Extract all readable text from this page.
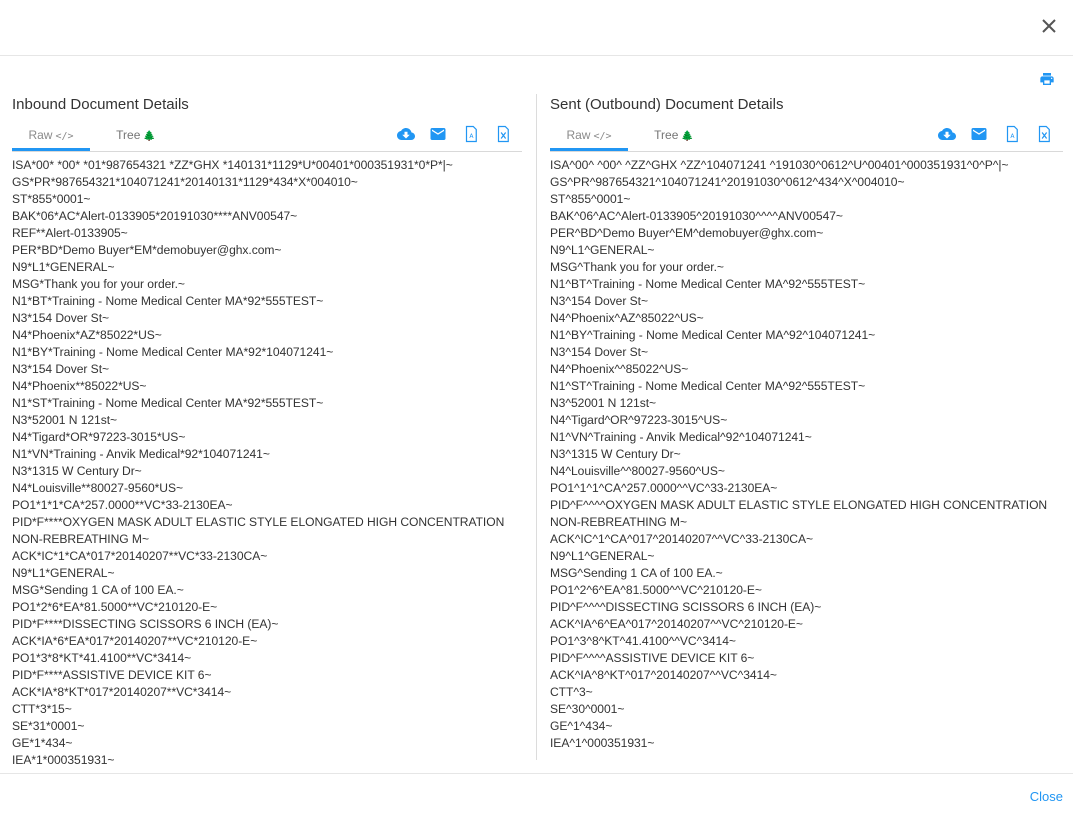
Inbound Document Details
Raw </>	Tree 🌲
	A

ISA*00* *00* *01*987654321 *ZZ*GHX *140131*1129*U*00401*000351931*0*P*|~
GS*PR*987654321*104071241*20140131*1129*434*X*004010~
ST*855*0001~
BAK*06*AC*Alert-0133905*20191030****ANV00547~
REF**Alert-0133905~
PER*BD*Demo Buyer*EM*demobuyer@ghx.com~
N9*L1*GENERAL~
MSG*Thank you for your order.~
N1*BT*Training - Nome Medical Center MA*92*555TEST~
N3*154 Dover St~
N4*Phoenix*AZ*85022*US~
N1*BY*Training - Nome Medical Center MA*92*104071241~
N3*154 Dover St~
N4*Phoenix**85022*US~
N1*ST*Training - Nome Medical Center MA*92*555TEST~
N3*52001 N 121st~
N4*Tigard*OR*97223-3015*US~
N1*VN*Training - Anvik Medical*92*104071241~
N3*1315 W Century Dr~
N4*Louisville**80027-9560*US~
PO1*1*1*CA*257.0000**VC*33-2130EA~
PID*F****OXYGEN MASK ADULT ELASTIC STYLE ELONGATED HIGH CONCENTRATION
NON-REBREATHING M~
ACK*IC*1*CA*017*20140207**VC*33-2130CA~
N9*L1*GENERAL~
MSG*Sending 1 CA of 100 EA.~
PO1*2*6*EA*81.5000**VC*210120-E~
PID*F****DISSECTING SCISSORS 6 INCH (EA)~
ACK*IA*6*EA*017*20140207**VC*210120-E~
PO1*3*8*KT*41.4100**VC*3414~
PID*F****ASSISTIVE DEVICE KIT 6~
ACK*IA*8*KT*017*20140207**VC*3414~
CTT*3*15~
SE*31*0001~
GE*1*434~
IEA*1*000351931~
Sent (Outbound) Document Details
Raw </>	Tree 🌲
	A

ISA^00^ ^00^ ^ZZ^GHX ^ZZ^104071241 ^191030^0612^U^00401^000351931^0^P^|~
GS^PR^987654321^104071241^20191030^0612^434^X^004010~
ST^855^0001~
BAK^06^AC^Alert-0133905^20191030^^^^ANV00547~
PER^BD^Demo Buyer^EM^demobuyer@ghx.com~
N9^L1^GENERAL~
MSG^Thank you for your order.~
N1^BT^Training - Nome Medical Center MA^92^555TEST~
N3^154 Dover St~
N4^Phoenix^AZ^85022^US~
N1^BY^Training - Nome Medical Center MA^92^104071241~
N3^154 Dover St~
N4^Phoenix^^85022^US~
N1^ST^Training - Nome Medical Center MA^92^555TEST~
N3^52001 N 121st~
N4^Tigard^OR^97223-3015^US~
N1^VN^Training - Anvik Medical^92^104071241~
N3^1315 W Century Dr~
N4^Louisville^^80027-9560^US~
PO1^1^1^CA^257.0000^^VC^33-2130EA~
PID^F^^^^OXYGEN MASK ADULT ELASTIC STYLE ELONGATED HIGH CONCENTRATION
NON-REBREATHING M~
ACK^IC^1^CA^017^20140207^^VC^33-2130CA~
N9^L1^GENERAL~
MSG^Sending 1 CA of 100 EA.~
PO1^2^6^EA^81.5000^^VC^210120-E~
PID^F^^^^DISSECTING SCISSORS 6 INCH (EA)~
ACK^IA^6^EA^017^20140207^^VC^210120-E~
PO1^3^8^KT^41.4100^^VC^3414~
PID^F^^^^ASSISTIVE DEVICE KIT 6~
ACK^IA^8^KT^017^20140207^^VC^3414~
CTT^3~
SE^30^0001~
GE^1^434~
IEA^1^000351931~
Close
